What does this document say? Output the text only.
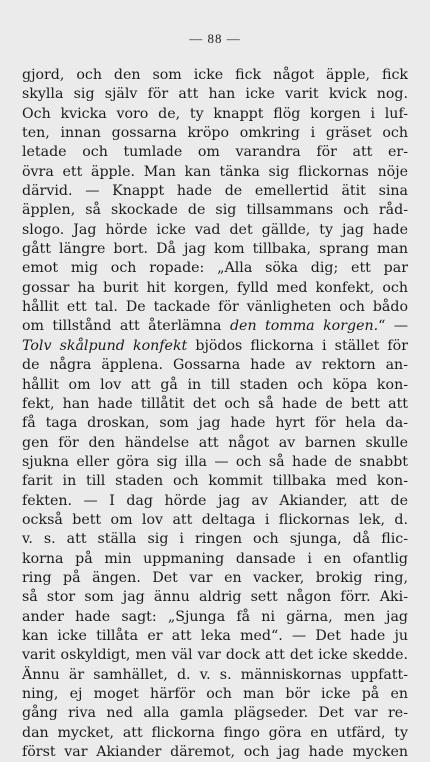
— 88 —
gjord, och den som icke fick något äpple, fick
skylla sig själv för att han icke varit kvick nog.
Och kvicka voro de, ty knappt flög korgen i luf-
ten, innan gossarna kröpo omkring i gräset och
letade och tumlade om varandra för att er-
övra ett äpple. Man kan tänka sig flickornas nöje
därvid. — Knappt hade de emellertid ätit sina
äpplen, så skockade de sig tillsammans och råd-
slogo. Jag hörde icke vad det gällde, ty jag hade
gått längre bort. Då jag kom tillbaka, sprang man
emot mig och ropade: „Alla söka dig; ett par
gossar ha burit hit korgen, fylld med konfekt, och
hållit ett tal. De tackade för vänligheten och bådo
om tillstånd att återlämna den tomma korgen.“ —
Tolv skålpund konfekt bjödos flickorna i stället för
de några äpplena. Gossarna hade av rektorn an-
hållit om lov att gå in till staden och köpa kon-
fekt, han hade tillåtit det och så hade de bett att
få taga droskan, som jag hade hyrt för hela da-
gen för den händelse att något av barnen skulle
sjukna eller göra sig illa — och så hade de snabbt
farit in till staden och kommit tillbaka med kon-
fekten. — I dag hörde jag av Akiander, att de
också bett om lov att deltaga i flickornas lek, d.
v. s. att ställa sig i ringen och sjunga, då flic-
korna på min uppmaning dansade i en ofantlig
ring på ängen. Det var en vacker, brokig ring,
så stor som jag ännu aldrig sett någon förr. Aki-
ander hade sagt: „Sjunga få ni gärna, men jag
kan icke tillåta er att leka med“. — Det hade ju
varit oskyldigt, men väl var dock att det icke skedde.
Ännu är samhället, d. v. s. människornas uppfatt-
ning, ej moget härför och man bör icke på en
gång riva ned alla gamla plägseder. Det var re-
dan mycket, att flickorna fingo göra en utfärd, ty
först var Akiander däremot, och jag hade mycken
